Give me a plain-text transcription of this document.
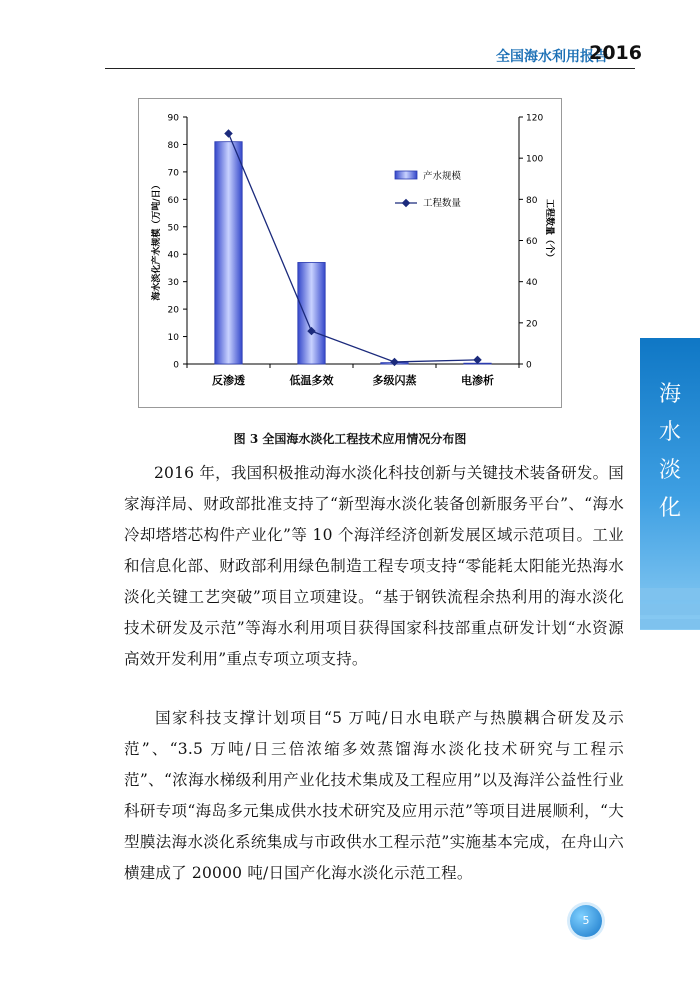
全国海水利用报告
2016
海
水
淡
化
0
10
20
30
40
50
60
70
80
90
0
20
40
60
80
100
120
反渗透	低温多效	多级闪蒸	电渗析
海水淡化产水规模（万吨/日）	工程数量（个）
产水规模
工程数量
图 3 全国海水淡化工程技术应用情况分布图

2016 年，我国积极推动海水淡化科技创新与关键技术装备研发。国家海洋局、财政部批准支持了“新型海水淡化装备创新服务平台”、“海水冷却塔塔芯构件产业化”等 10 个海洋经济创新发展区域示范项目。工业和信息化部、财政部利用绿色制造工程专项支持“零能耗太阳能光热海水淡化关键工艺突破”项目立项建设。“基于钢铁流程余热利用的海水淡化技术研发及示范”等海水利用项目获得国家科技部重点研发计划“水资源高效开发利用”重点专项立项支持。

国家科技支撑计划项目“5 万吨/日水电联产与热膜耦合研发及示范”、“3.5 万吨/日三倍浓缩多效蒸馏海水淡化技术研究与工程示范”、“浓海水梯级利用产业化技术集成及工程应用”以及海洋公益性行业科研专项“海岛多元集成供水技术研究及应用示范”等项目进展顺利，“大型膜法海水淡化系统集成与市政供水工程示范”实施基本完成，在舟山六横建成了 20000 吨/日国产化海水淡化示范工程。

5
